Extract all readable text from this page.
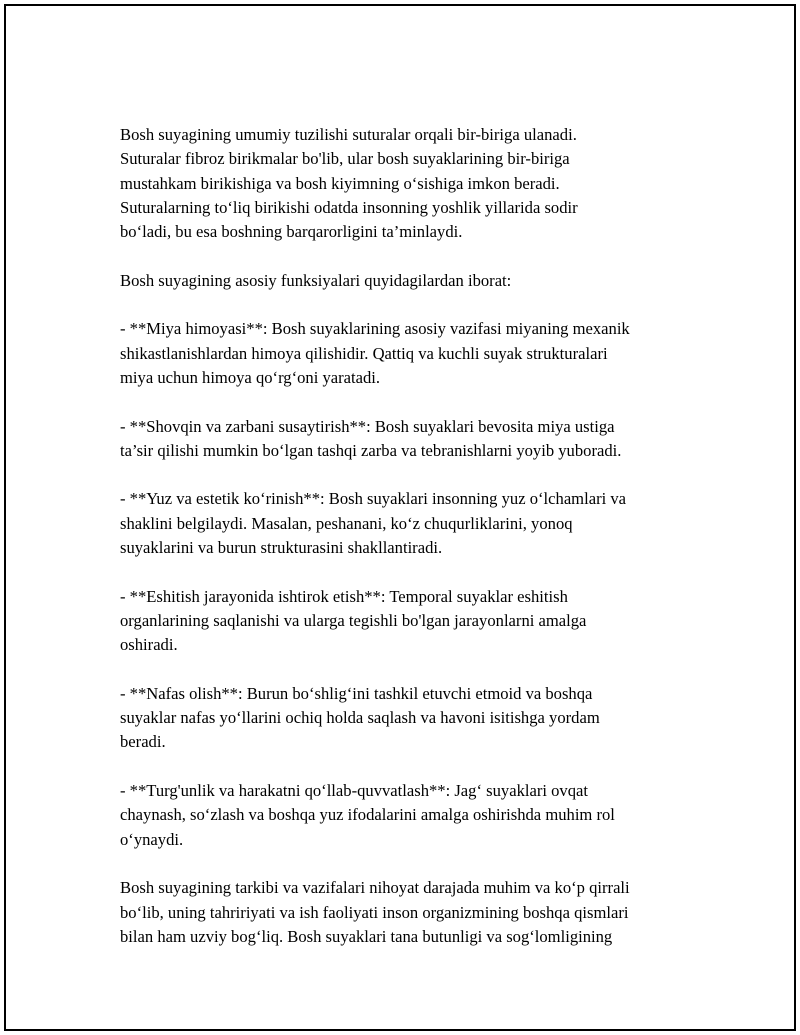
Bosh suyagining umumiy tuzilishi suturalar orqali bir-biriga ulanadi.
Suturalar fibroz birikmalar bo'lib, ular bosh suyaklarining bir-biriga
mustahkam birikishiga va bosh kiyimning o‘sishiga imkon beradi.
Suturalarning to‘liq birikishi odatda insonning yoshlik yillarida sodir
bo‘ladi, bu esa boshning barqarorligini ta’minlaydi.

Bosh suyagining asosiy funksiyalari quyidagilardan iborat:

- **Miya himoyasi**: Bosh suyaklarining asosiy vazifasi miyaning mexanik
shikastlanishlardan himoya qilishidir. Qattiq va kuchli suyak strukturalari
miya uchun himoya qo‘rg‘oni yaratadi.

- **Shovqin va zarbani susaytirish**: Bosh suyaklari bevosita miya ustiga
ta’sir qilishi mumkin bo‘lgan tashqi zarba va tebranishlarni yoyib yuboradi.

- **Yuz va estetik ko‘rinish**: Bosh suyaklari insonning yuz o‘lchamlari va
shaklini belgilaydi. Masalan, peshanani, ko‘z chuqurliklarini, yonoq
suyaklarini va burun strukturasini shakllantiradi.

- **Eshitish jarayonida ishtirok etish**: Temporal suyaklar eshitish
organlarining saqlanishi va ularga tegishli bo'lgan jarayonlarni amalga
oshiradi.

- **Nafas olish**: Burun bo‘shlig‘ini tashkil etuvchi etmoid va boshqa
suyaklar nafas yo‘llarini ochiq holda saqlash va havoni isitishga yordam
beradi.

- **Turg'unlik va harakatni qo‘llab-quvvatlash**: Jag‘ suyaklari ovqat
chaynash, so‘zlash va boshqa yuz ifodalarini amalga oshirishda muhim rol
o‘ynaydi.

Bosh suyagining tarkibi va vazifalari nihoyat darajada muhim va ko‘p qirrali
bo‘lib, uning tahririyati va ish faoliyati inson organizmining boshqa qismlari
bilan ham uzviy bog‘liq. Bosh suyaklari tana butunligi va sog‘lomligining
